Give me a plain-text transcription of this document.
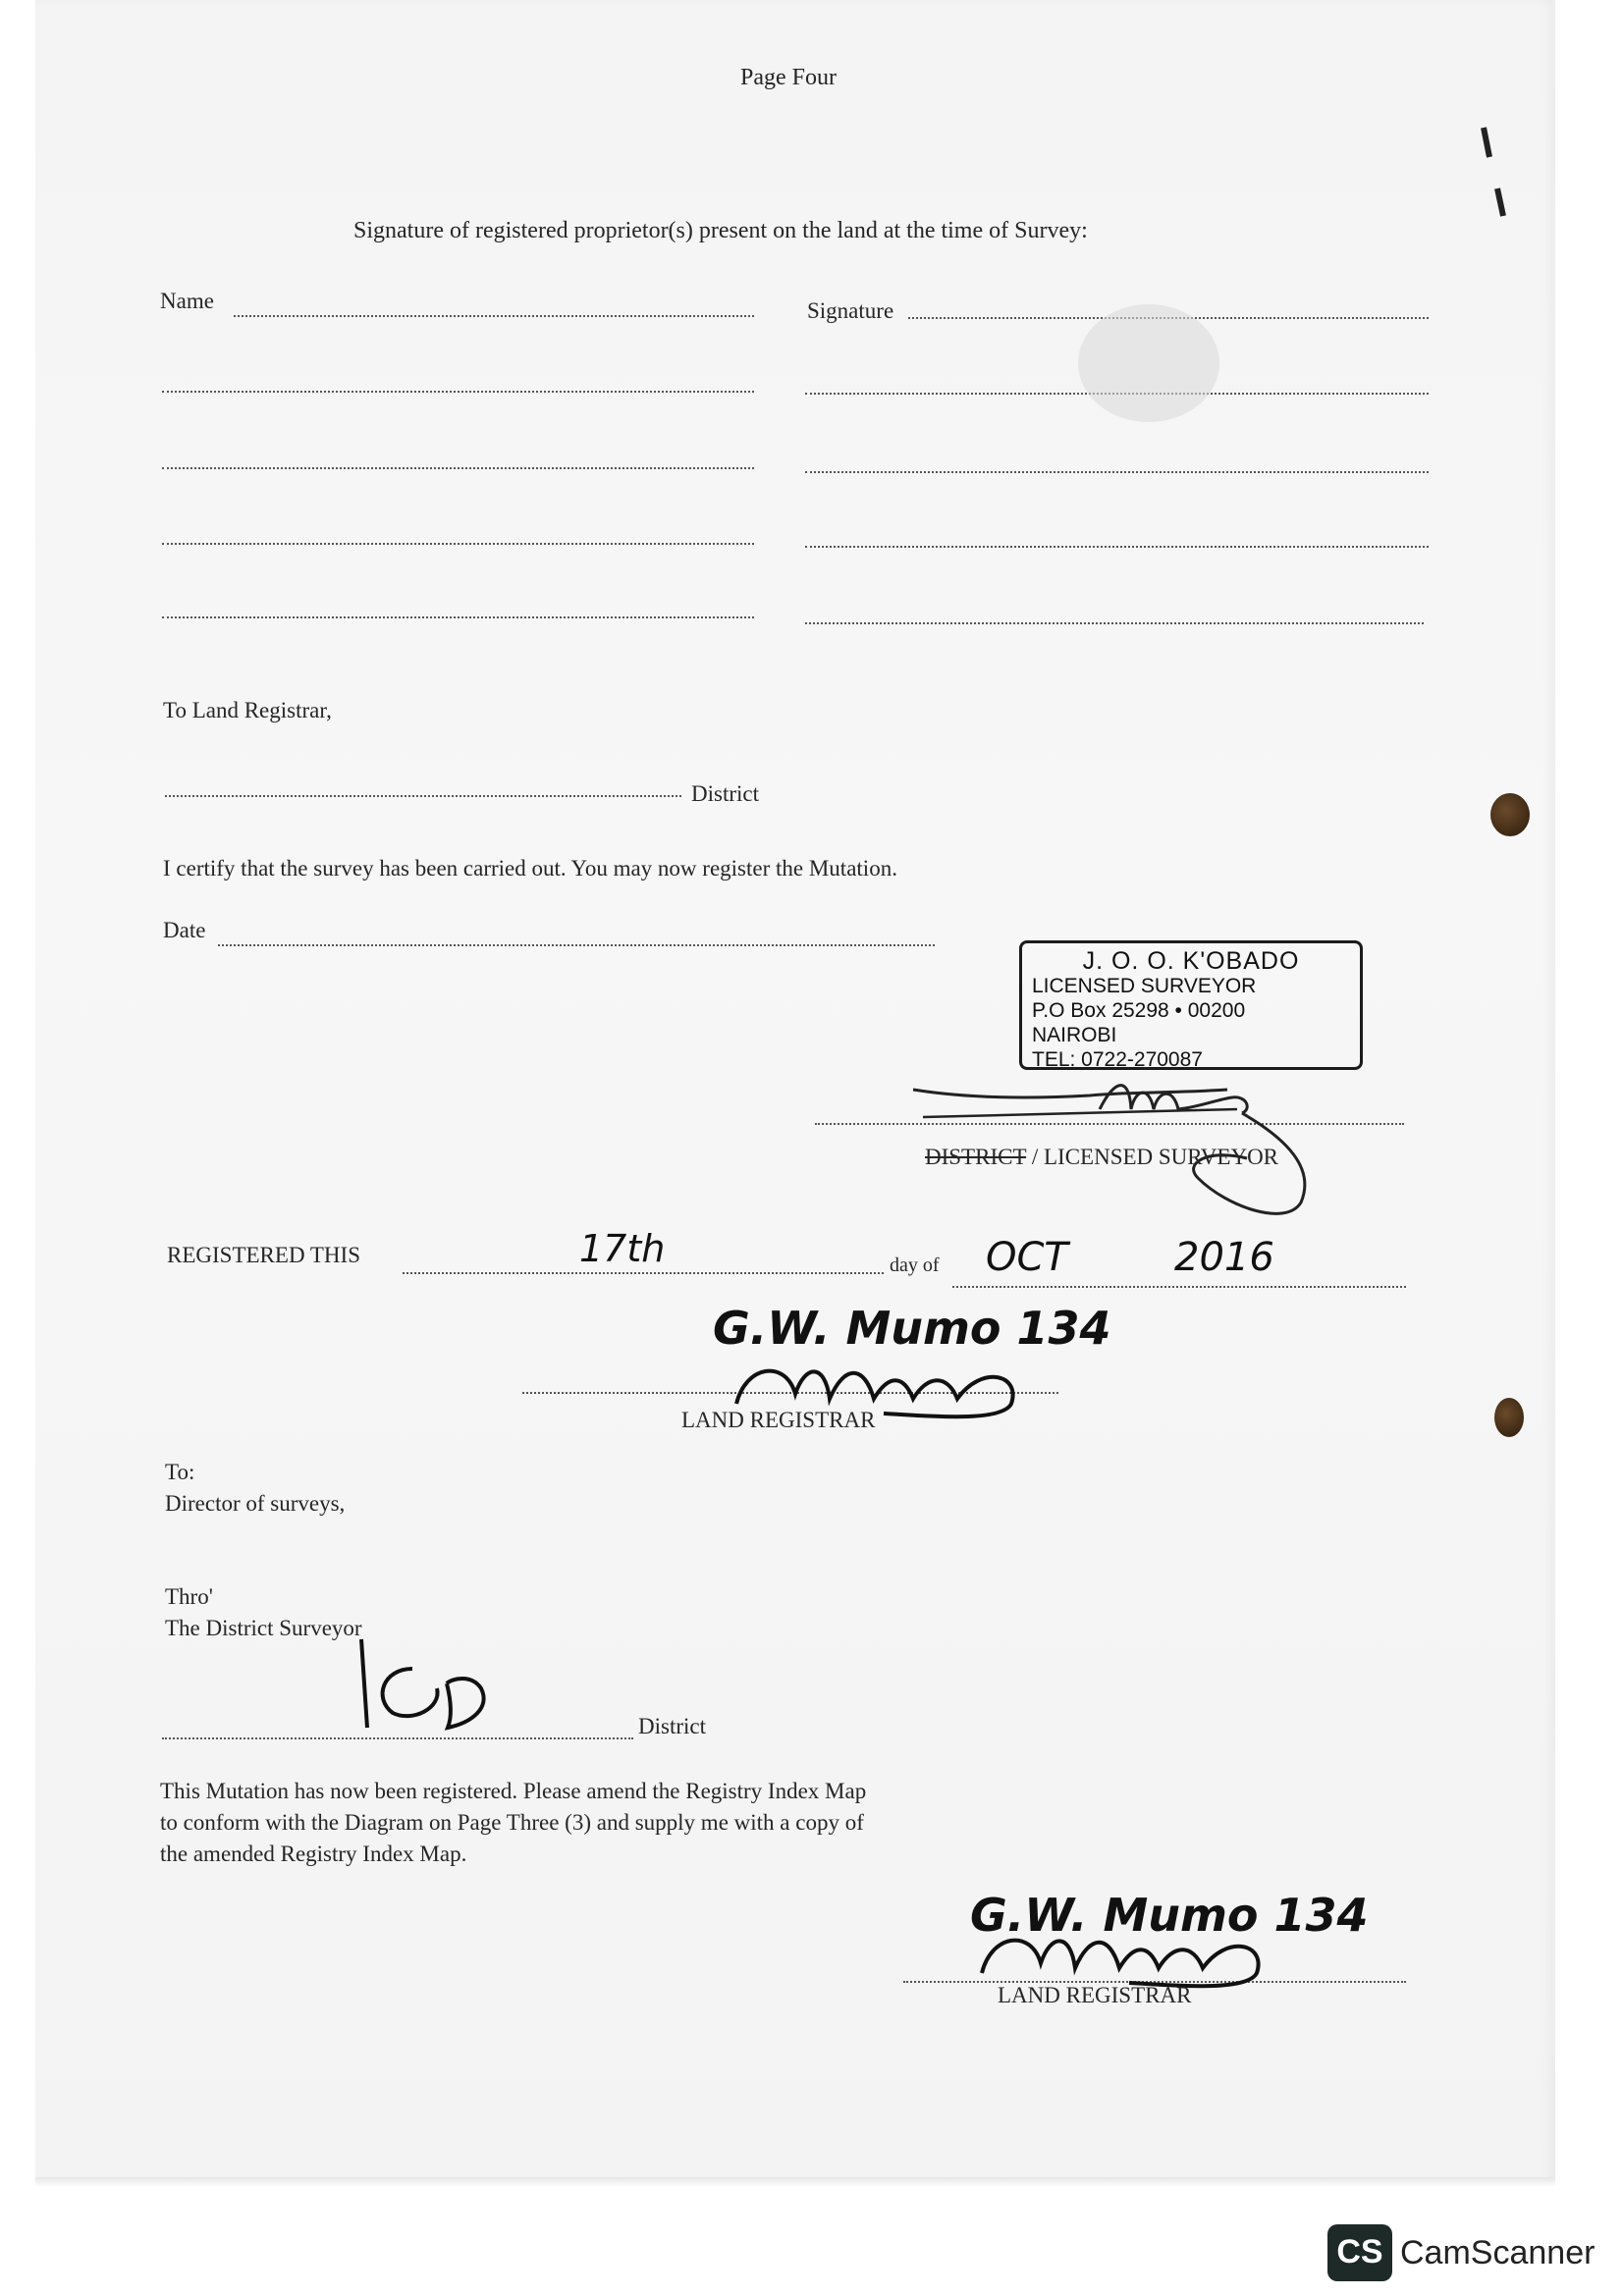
Page Four
Signature of registered proprietor(s) present on the land at the time of Survey:
Name	Signature
To Land Registrar,
District
I certify that the survey has been carried out. You may now register the Mutation.
Date
J. O. O. K'OBADO
LICENSED SURVEYOR
P.O Box 25298 • 00200
NAIROBI
TEL: 0722-270087
DISTRICT / LICENSED SURVEYOR
REGISTERED THIS	17th	day of OCT	2016
G.W. Mumo 134
LAND REGISTRAR
To:
Director of surveys,
Thro'
The District Surveyor
District
This Mutation has now been registered. Please amend the Registry Index Map
to conform with the Diagram on Page Three (3) and supply me with a copy of
the amended Registry Index Map.
G.W. Mumo 134
LAND REGISTRAR
CS CamScanner
